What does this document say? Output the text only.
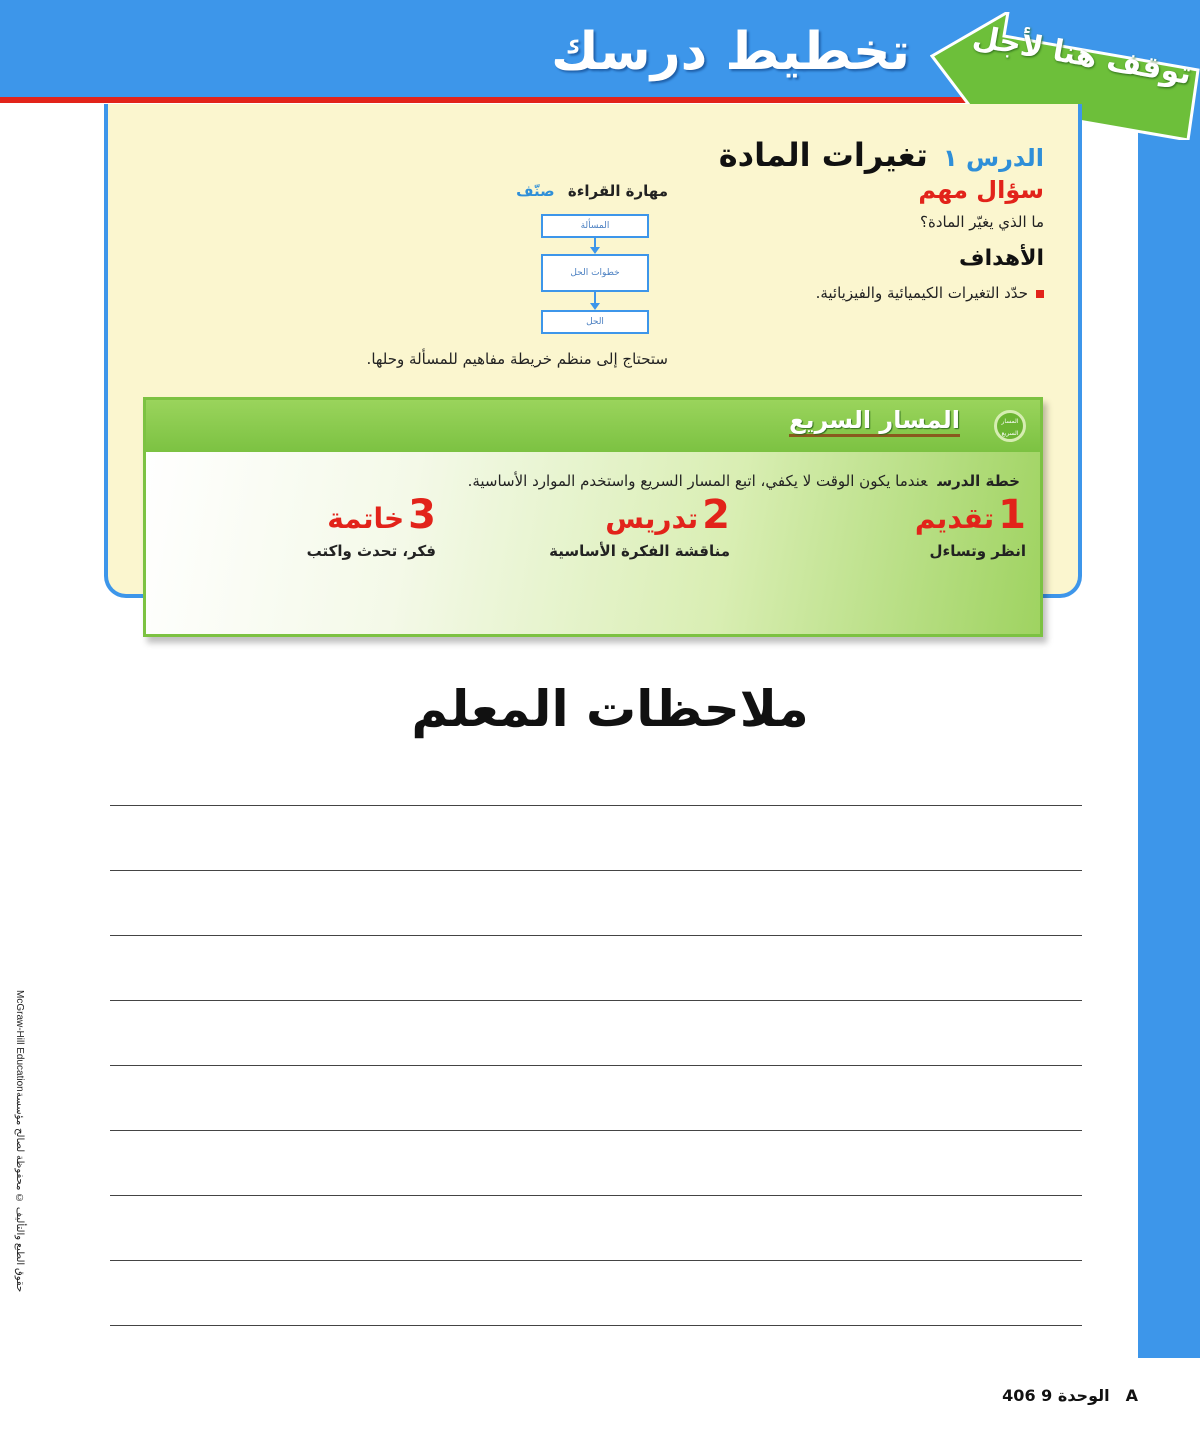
تخطيط درسك	توقف هنا لأجل
الدرس ١ تغيرات المادة
سؤال مهم
ما الذي يغيّر المادة؟
الأهداف
حدّد التغيرات الكيميائية والفيزيائية.
مهارة القراءة صنّف
المسألة
خطوات الحل
الحل
ستحتاج إلى منظم خريطة مفاهيم للمسألة وحلها.
المسار السريع
المسار السريع
خطة الدرسعندما يكون الوقت لا يكفي، اتبع المسار السريع واستخدم الموارد الأساسية.
1تقديم
انظر وتساءل
2تدريس
مناقشة الفكرة الأساسية
3خاتمة
فكر، تحدث واكتب
ملاحظات المعلم
McGraw-Hill Education
حقوق الطبع والتأليف © محفوظة لصالح مؤسسة
الوحدة 9 406A
